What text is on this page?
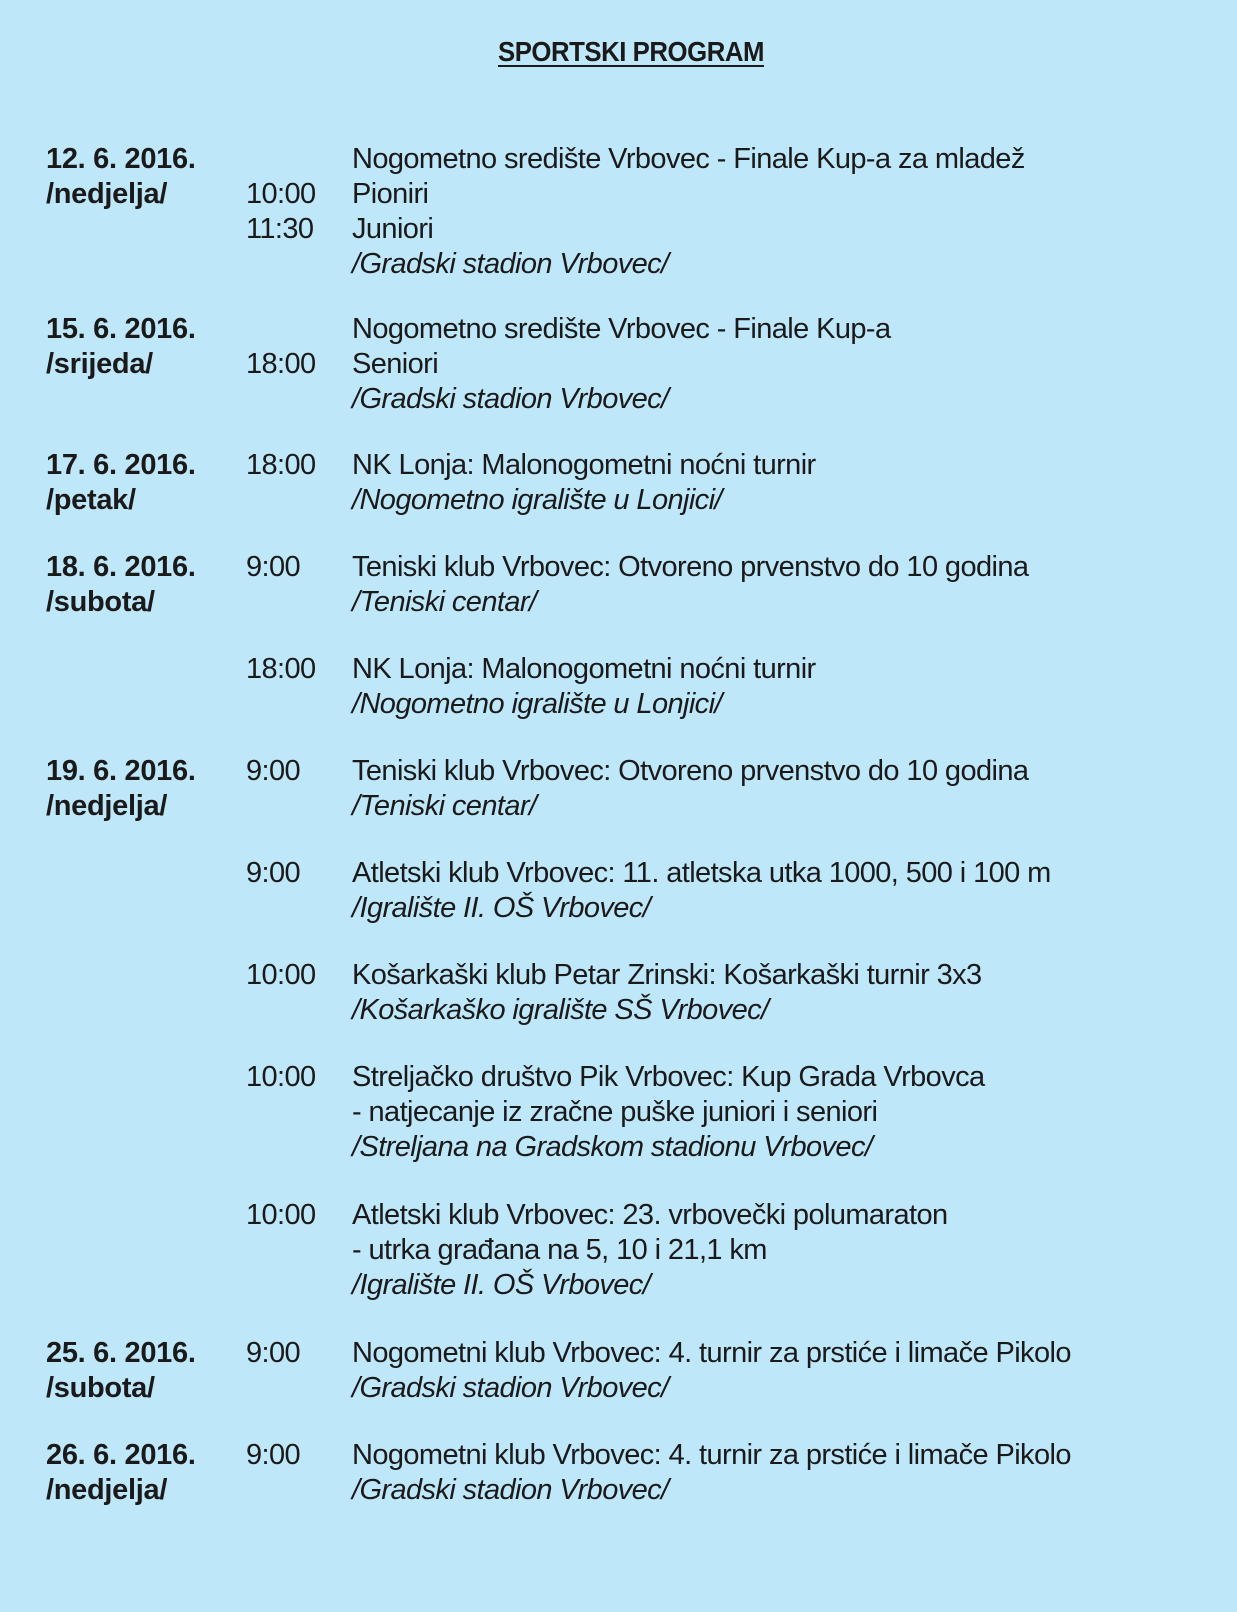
SPORTSKI PROGRAM
12. 6. 2016.
/nedjelja/	10:00
11:30
Nogometno središte Vrbovec - Finale Kup-a za mladež
Pioniri
Juniori
/Gradski stadion Vrbovec/
15. 6. 2016.
/srijeda/	18:00
Nogometno središte Vrbovec - Finale Kup-a
Seniori
/Gradski stadion Vrbovec/
17. 6. 2016.
/petak/
18:00 NK Lonja: Malonogometni noćni turnir
/Nogometno igralište u Lonjici/
18. 6. 2016.
/subota/
9:00 Teniski klub Vrbovec: Otvoreno prvenstvo do 10 godina
/Teniski centar/
18:00 NK Lonja: Malonogometni noćni turnir
/Nogometno igralište u Lonjici/
19. 6. 2016.
/nedjelja/
9:00 Teniski klub Vrbovec: Otvoreno prvenstvo do 10 godina
/Teniski centar/
9:00 Atletski klub Vrbovec: 11. atletska utka 1000, 500 i 100 m
/Igralište II. OŠ Vrbovec/
10:00 Košarkaški klub Petar Zrinski: Košarkaški turnir 3x3
/Košarkaško igralište SŠ Vrbovec/
10:00 Streljačko društvo Pik Vrbovec: Kup Grada Vrbovca
- natjecanje iz zračne puške juniori i seniori
/Streljana na Gradskom stadionu Vrbovec/
10:00 Atletski klub Vrbovec: 23. vrbovečki polumaraton
- utrka građana na 5, 10 i 21,1 km
/Igralište II. OŠ Vrbovec/
25. 6. 2016.
/subota/
9:00 Nogometni klub Vrbovec: 4. turnir za prstiće i limače Pikolo
/Gradski stadion Vrbovec/
26. 6. 2016.
/nedjelja/
9:00 Nogometni klub Vrbovec: 4. turnir za prstiće i limače Pikolo
/Gradski stadion Vrbovec/
